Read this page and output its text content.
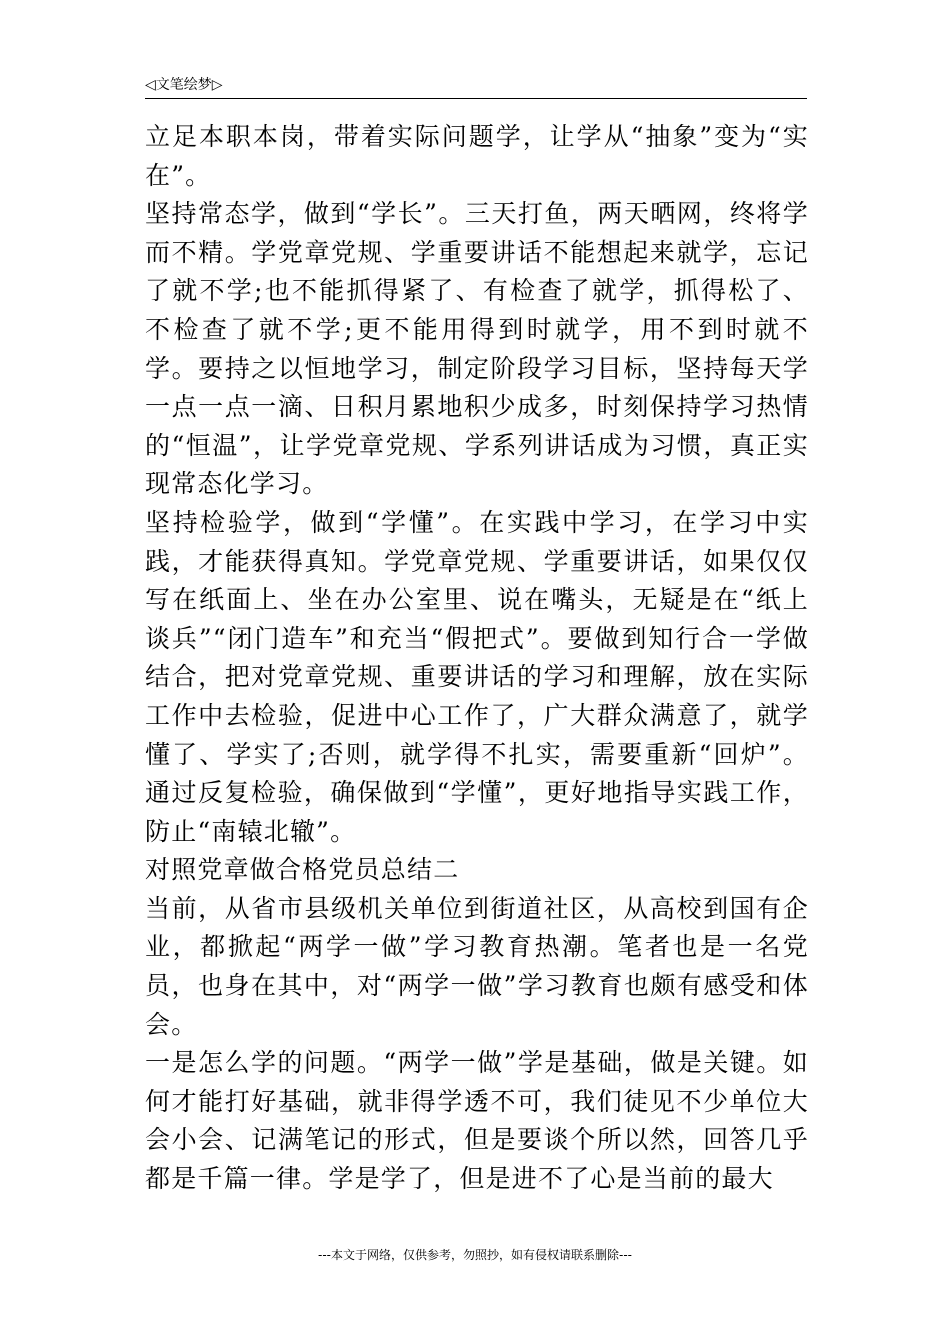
◁文笔绘梦▷

立足本职本岗，带着实际问题学，让学从“抽象”变为“实在”。

坚持常态学，做到“学长”。三天打鱼，两天晒网，终将学而不精。学党章党规、学重要讲话不能想起来就学，忘记了就不学;也不能抓得紧了、有检查了就学，抓得松了、不检查了就不学;更不能用得到时就学，用不到时就不学。要持之以恒地学习，制定阶段学习目标，坚持每天学一点一点一滴、日积月累地积少成多，时刻保持学习热情的“恒温”，让学党章党规、学系列讲话成为习惯，真正实现常态化学习。

坚持检验学，做到“学懂”。在实践中学习，在学习中实践，才能获得真知。学党章党规、学重要讲话，如果仅仅写在纸面上、坐在办公室里、说在嘴头，无疑是在“纸上谈兵”“闭门造车”和充当“假把式”。要做到知行合一学做结合，把对党章党规、重要讲话的学习和理解，放在实际工作中去检验，促进中心工作了，广大群众满意了，就学懂了、学实了;否则，就学得不扎实，需要重新“回炉”。通过反复检验，确保做到“学懂”，更好地指导实践工作，防止“南辕北辙”。

对照党章做合格党员总结二

当前，从省市县级机关单位到街道社区，从高校到国有企业，都掀起“两学一做”学习教育热潮。笔者也是一名党员，也身在其中，对“两学一做”学习教育也颇有感受和体会。

一是怎么学的问题。“两学一做”学是基础，做是关键。如何才能打好基础，就非得学透不可，我们徒见不少单位大会小会、记满笔记的形式，但是要谈个所以然，回答几乎都是千篇一律。学是学了，但是进不了心是当前的最大

---本文于网络，仅供参考，勿照抄，如有侵权请联系删除---
